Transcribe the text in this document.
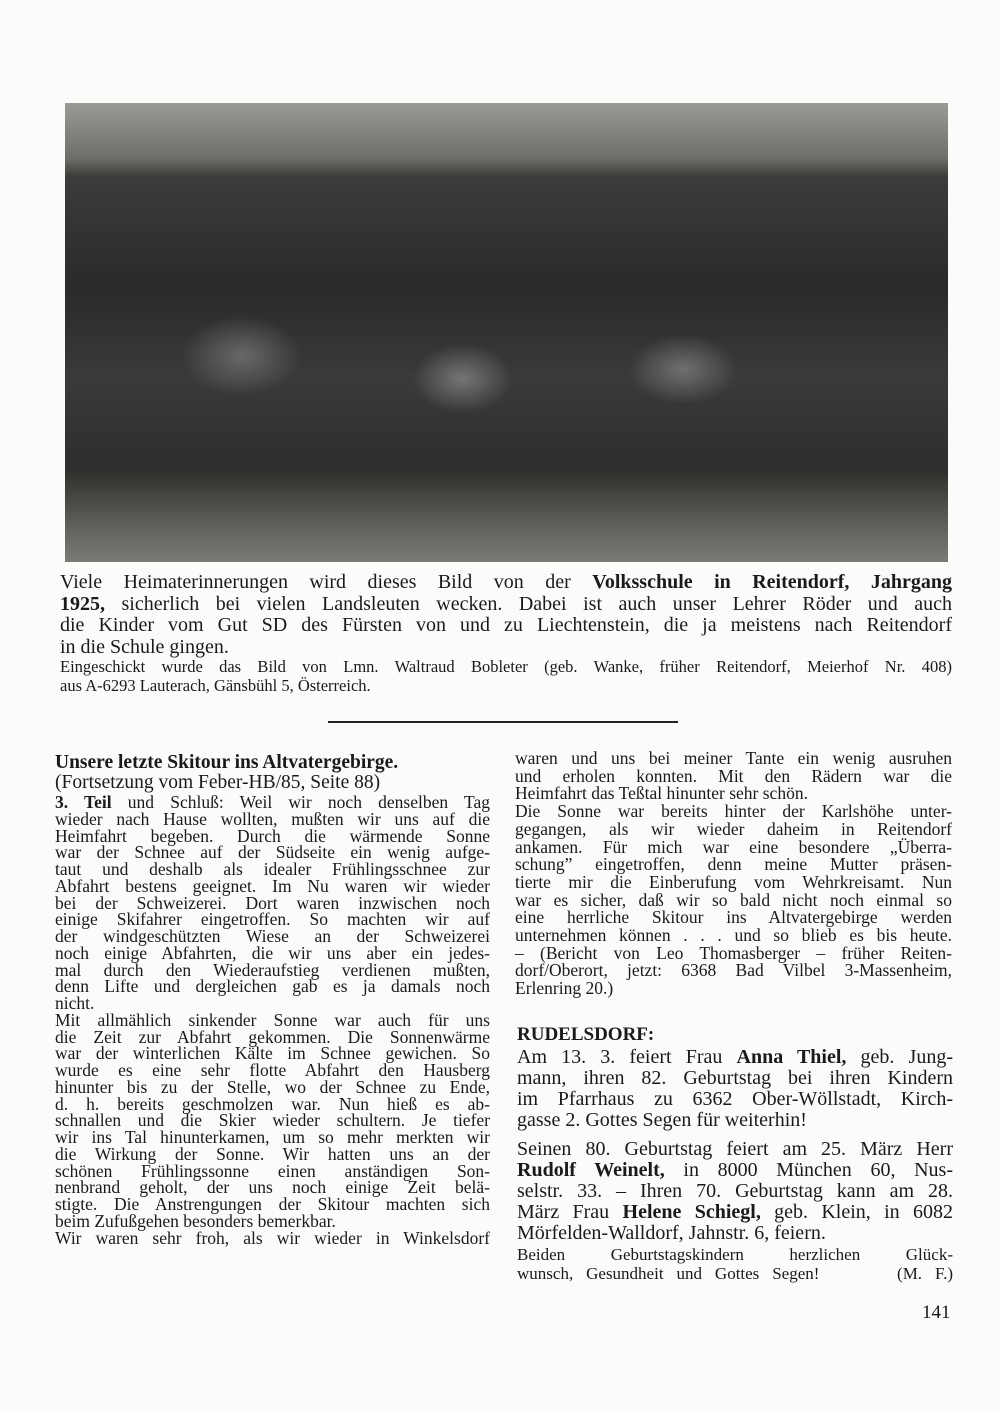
Viele Heimaterinnerungen wird dieses Bild von der Volksschule in Reitendorf, Jahrgang
1925, sicherlich bei vielen Landsleuten wecken. Dabei ist auch unser Lehrer Röder und auch
die Kinder vom Gut SD des Fürsten von und zu Liechtenstein, die ja meistens nach Reitendorf
in die Schule gingen.
Eingeschickt wurde das Bild von Lmn. Waltraud Bobleter (geb. Wanke, früher Reitendorf, Meierhof Nr. 408)
aus A-6293 Lauterach, Gänsbühl 5, Österreich.
Unsere letzte Skitour ins Altvatergebirge.
(Fortsetzung vom Feber-HB/85, Seite 88)
3. Teil und Schluß: Weil wir noch denselben Tag
wieder nach Hause wollten, mußten wir uns auf die
Heimfahrt begeben. Durch die wärmende Sonne
war der Schnee auf der Südseite ein wenig aufge-
taut und deshalb als idealer Frühlingsschnee zur
Abfahrt bestens geeignet. Im Nu waren wir wieder
bei der Schweizerei. Dort waren inzwischen noch
einige Skifahrer eingetroffen. So machten wir auf
der windgeschützten Wiese an der Schweizerei
noch einige Abfahrten, die wir uns aber ein jedes-
mal durch den Wiederaufstieg verdienen mußten,
denn Lifte und dergleichen gab es ja damals noch
nicht.
Mit allmählich sinkender Sonne war auch für uns
die Zeit zur Abfahrt gekommen. Die Sonnenwärme
war der winterlichen Kälte im Schnee gewichen. So
wurde es eine sehr flotte Abfahrt den Hausberg
hinunter bis zu der Stelle, wo der Schnee zu Ende,
d. h. bereits geschmolzen war. Nun hieß es ab-
schnallen und die Skier wieder schultern. Je tiefer
wir ins Tal hinunterkamen, um so mehr merkten wir
die Wirkung der Sonne. Wir hatten uns an der
schönen Frühlingssonne einen anständigen Son-
nenbrand geholt, der uns noch einige Zeit belä-
stigte. Die Anstrengungen der Skitour machten sich
beim Zufußgehen besonders bemerkbar.
Wir waren sehr froh, als wir wieder in Winkelsdorf
waren und uns bei meiner Tante ein wenig ausruhen
und erholen konnten. Mit den Rädern war die
Heimfahrt das Teßtal hinunter sehr schön.
Die Sonne war bereits hinter der Karlshöhe unter-
gegangen, als wir wieder daheim in Reitendorf
ankamen. Für mich war eine besondere „Überra-
schung” eingetroffen, denn meine Mutter präsen-
tierte mir die Einberufung vom Wehrkreisamt. Nun
war es sicher, daß wir so bald nicht noch einmal so
eine herrliche Skitour ins Altvatergebirge werden
unternehmen können . . . und so blieb es bis heute.
– (Bericht von Leo Thomasberger – früher Reiten-
dorf/Oberort, jetzt: 6368 Bad Vilbel 3-Massenheim,
Erlenring 20.)
RUDELSDORF:
Am 13. 3. feiert Frau Anna Thiel, geb. Jung-
mann, ihren 82. Geburtstag bei ihren Kindern
im Pfarrhaus zu 6362 Ober-Wöllstadt, Kirch-
gasse 2. Gottes Segen für weiterhin!
Seinen 80. Geburtstag feiert am 25. März Herr
Rudolf Weinelt, in 8000 München 60, Nus-
selstr. 33. – Ihren 70. Geburtstag kann am 28.
März Frau Helene Schiegl, geb. Klein, in 6082
Mörfelden-Walldorf, Jahnstr. 6, feiern.
Beiden Geburtstagskindern herzlichen Glück-
wunsch, Gesundheit und Gottes Segen!      (M. F.)
141
